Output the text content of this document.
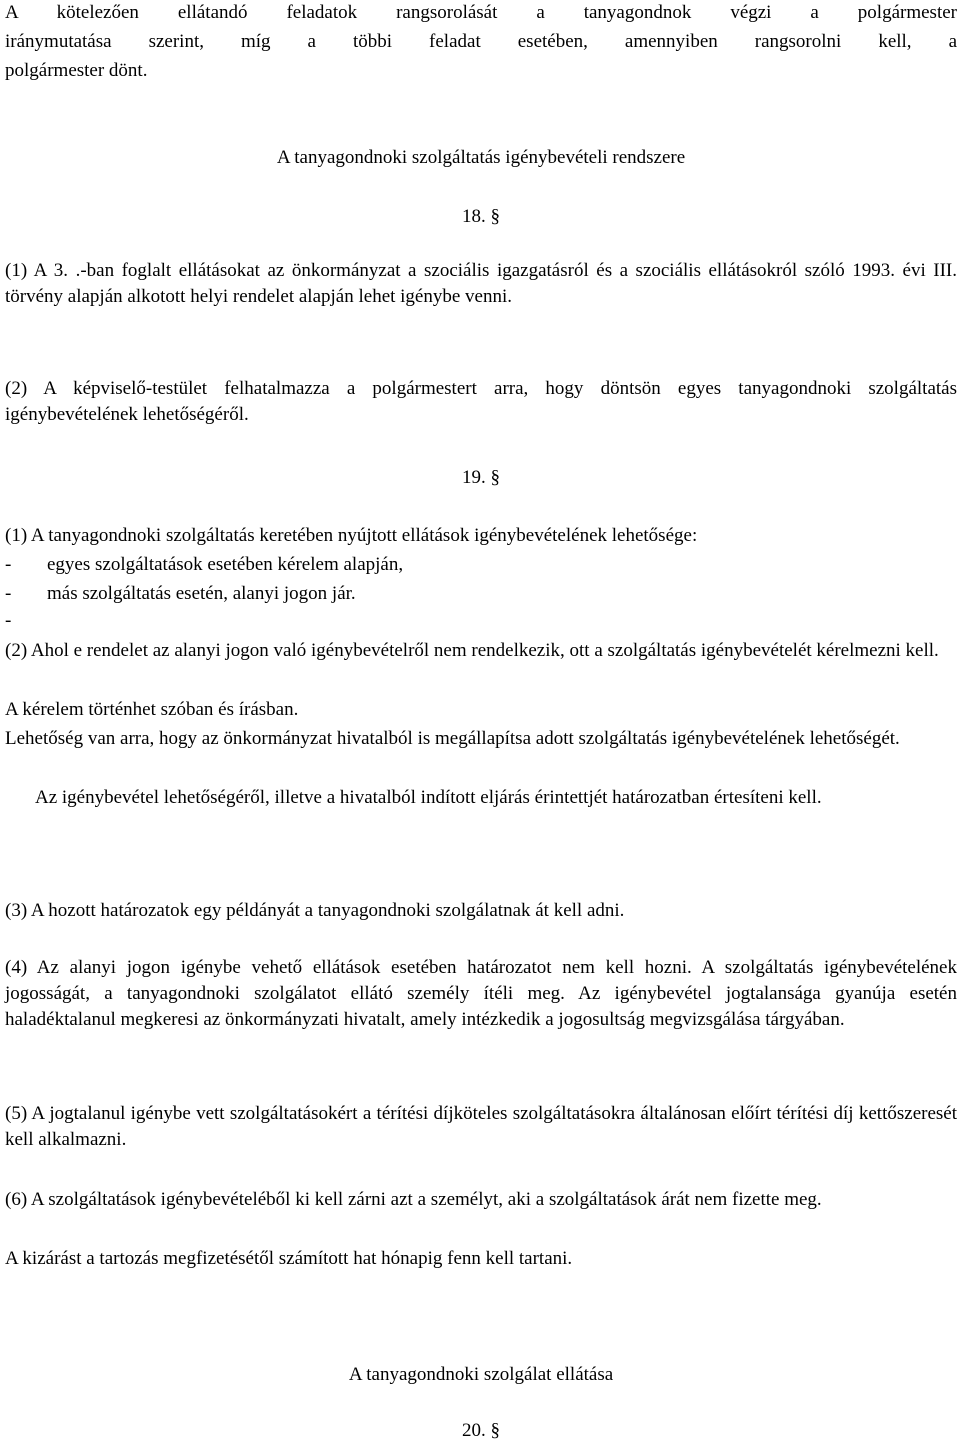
A kötelezően ellátandó feladatok rangsorolását a tanyagondnok végzi a polgármester

iránymutatása szerint, míg a többi feladat esetében, amennyiben rangsorolni kell, a

polgármester dönt.

A tanyagondnoki szolgáltatás igénybevételi rendszere

18. §

(1) A 3. .-ban foglalt ellátásokat az önkormányzat a szociális igazgatásról és a szociális ellátásokról szóló 1993. évi III. törvény alapján alkotott helyi rendelet alapján lehet igénybe venni.

(2) A képviselő-testület felhatalmazza a polgármestert arra, hogy döntsön egyes tanyagondnoki szolgáltatás igénybevételének lehetőségéről.

19. §

(1) A tanyagondnoki szolgáltatás keretében nyújtott ellátások igénybevételének lehetősége:

-	egyes szolgáltatások esetében kérelem alapján,
-	más szolgáltatás esetén, alanyi jogon jár.
-

(2) Ahol e rendelet az alanyi jogon való igénybevételről nem rendelkezik, ott a szolgáltatás igénybevételét kérelmezni kell.

A kérelem történhet szóban és írásban.

Lehetőség van arra, hogy az önkormányzat hivatalból is megállapítsa adott szolgáltatás igénybevételének lehetőségét.

Az igénybevétel lehetőségéről, illetve a hivatalból indított eljárás érintettjét határozatban értesíteni kell.

(3) A hozott határozatok egy példányát a tanyagondnoki szolgálatnak át kell adni.

(4) Az alanyi jogon igénybe vehető ellátások esetében határozatot nem kell hozni. A szolgáltatás igénybevételének jogosságát, a tanyagondnoki szolgálatot ellátó személy ítéli meg. Az igénybevétel jogtalansága gyanúja esetén haladéktalanul megkeresi az önkormányzati hivatalt, amely intézkedik a jogosultság megvizsgálása tárgyában.

(5) A jogtalanul igénybe vett szolgáltatásokért a térítési díjköteles szolgáltatásokra általánosan előírt térítési díj kettőszeresét kell alkalmazni.

(6) A szolgáltatások igénybevételéből ki kell zárni azt a személyt, aki a szolgáltatások árát nem fizette meg.

A kizárást a tartozás megfizetésétől számított hat hónapig fenn kell tartani.

A tanyagondnoki szolgálat ellátása

20. §
